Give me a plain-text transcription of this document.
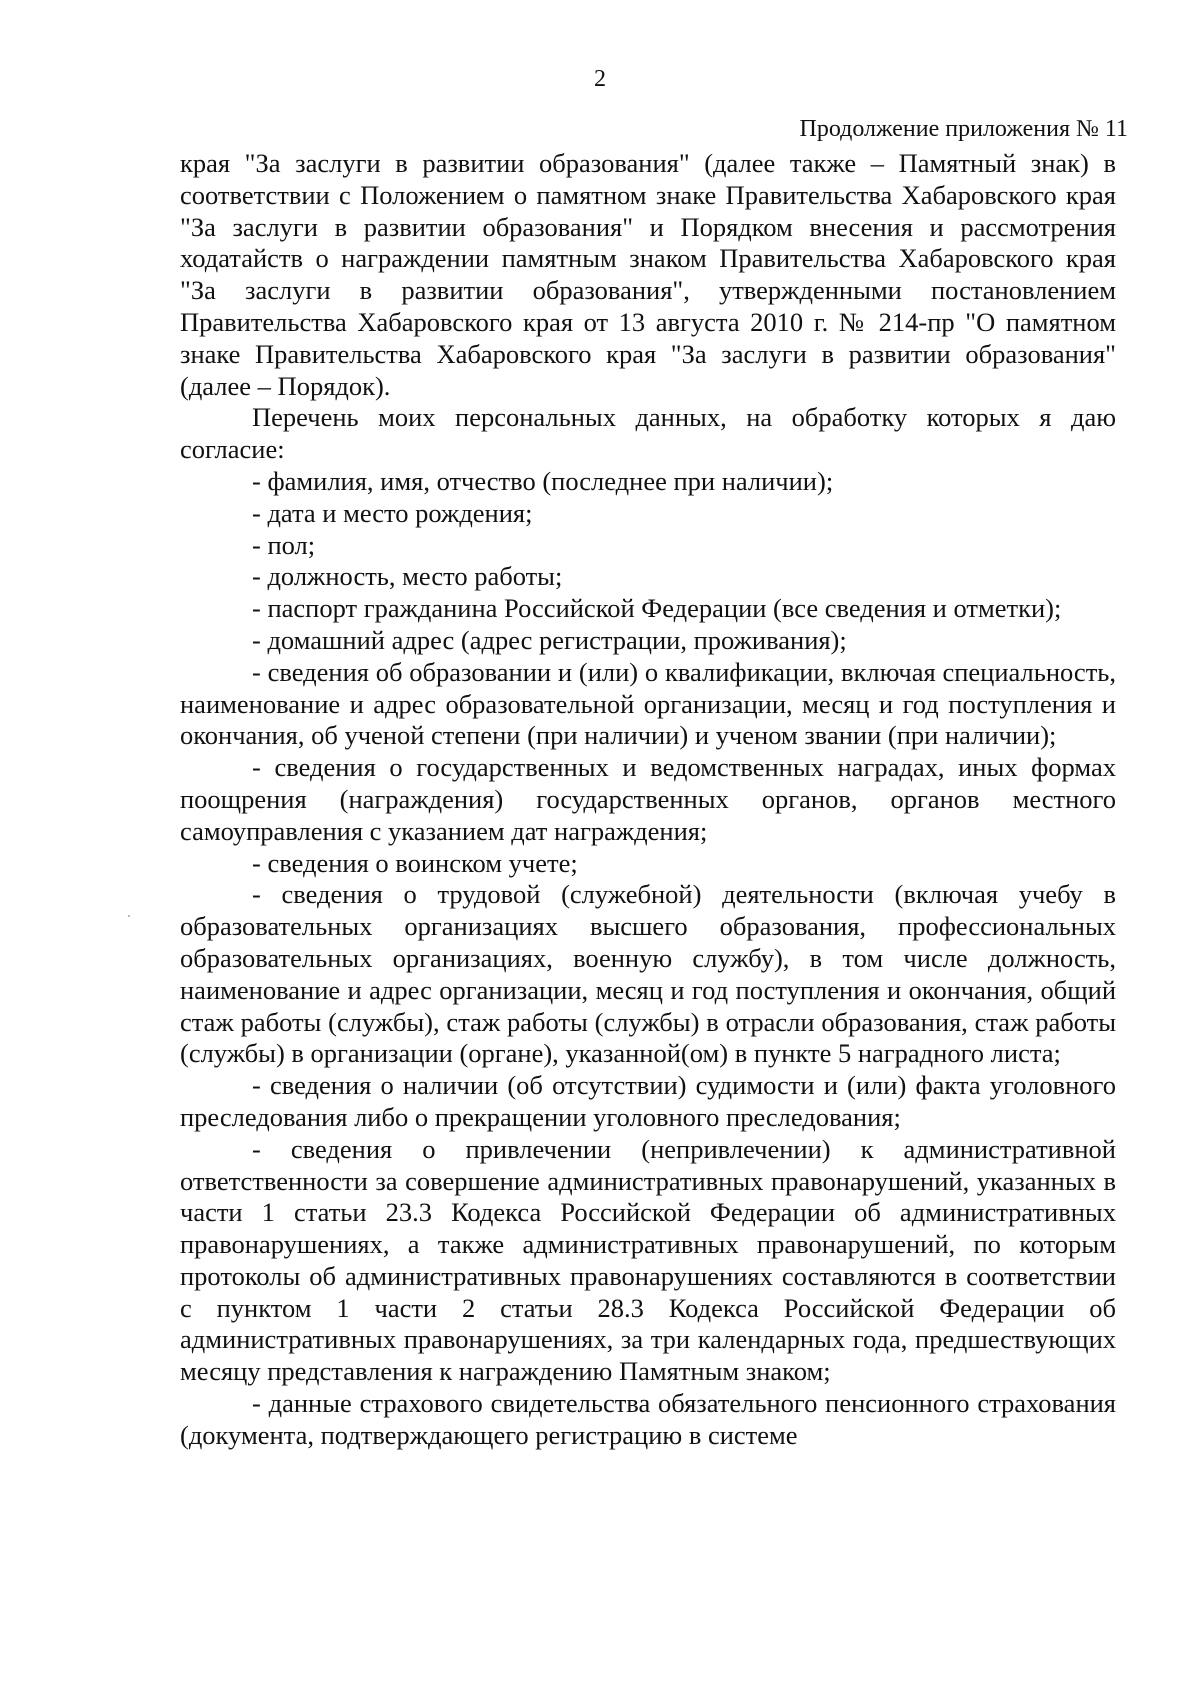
2
Продолжение приложения № 11

края "За заслуги в развитии образования" (далее также – Памятный знак) в соответствии с Положением о памятном знаке Правительства Хабаровского края "За заслуги в развитии образования" и Порядком внесения и рассмотрения ходатайств о награждении памятным знаком Правительства Хабаровского края "За заслуги в развитии образования", утвержденными постановлением Правительства Хабаровского края от 13 августа 2010 г. № 214-пр "О памятном знаке Правительства Хабаровского края "За заслуги в развитии образования" (далее – Порядок).

Перечень моих персональных данных, на обработку которых я даю согласие:

- фамилия, имя, отчество (последнее при наличии);

- дата и место рождения;

- пол;

- должность, место работы;

- паспорт гражданина Российской Федерации (все сведения и отметки);

- домашний адрес (адрес регистрации, проживания);

- сведения об образовании и (или) о квалификации, включая специальность, наименование и адрес образовательной организации, месяц и год поступления и окончания, об ученой степени (при наличии) и ученом звании (при наличии);

- сведения о государственных и ведомственных наградах, иных формах поощрения (награждения) государственных органов, органов местного самоуправления с указанием дат награждения;

- сведения о воинском учете;

- сведения о трудовой (служебной) деятельности (включая учебу в образовательных организациях высшего образования, профессиональных образовательных организациях, военную службу), в том числе должность, наименование и адрес организации, месяц и год поступления и окончания, общий стаж работы (службы), стаж работы (службы) в отрасли образования, стаж работы (службы) в организации (органе), указанной(ом) в пункте 5 наградного листа;

- сведения о наличии (об отсутствии) судимости и (или) факта уголовного преследования либо о прекращении уголовного преследования;

- сведения о привлечении (непривлечении) к административной ответственности за совершение административных правонарушений, указанных в части 1 статьи 23.3 Кодекса Российской Федерации об административных правонарушениях, а также административных правонарушений, по которым протоколы об административных правонарушениях составляются в соответствии с пунктом 1 части 2 статьи 28.3 Кодекса Российской Федерации об административных правонарушениях, за три календарных года, предшествующих месяцу представления к награждению Памятным знаком;

- данные страхового свидетельства обязательного пенсионного страхования (документа, подтверждающего регистрацию в системе
